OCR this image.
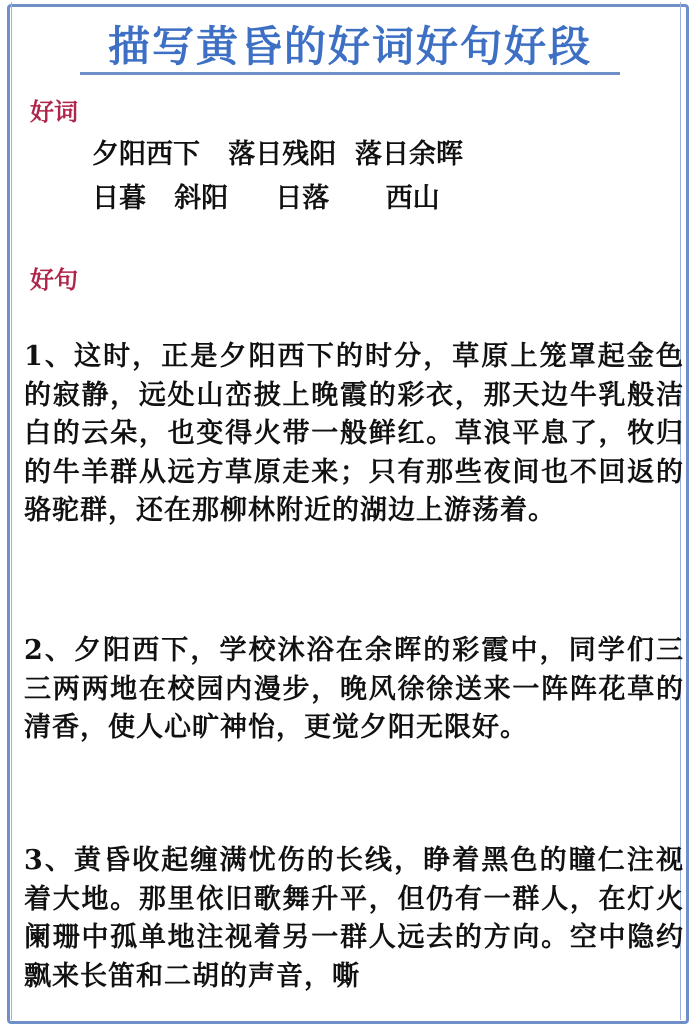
描写黄昏的好词好句好段
好词
夕阳西下   落日残阳  落日余晖
日暮   斜阳     日落      西山
好句
1、这时，正是夕阳西下的时分，草原上笼罩起金色的寂静，远处山峦披上晚霞的彩衣，那天边牛乳般洁白的云朵，也变得火带一般鲜红。草浪平息了，牧归的牛羊群从远方草原走来；只有那些夜间也不回返的骆驼群，还在那柳林附近的湖边上游荡着。
2、夕阳西下，学校沐浴在余晖的彩霞中，同学们三三两两地在校园内漫步，晚风徐徐送来一阵阵花草的清香，使人心旷神怡，更觉夕阳无限好。
3、黄昏收起缠满忧伤的长线，睁着黑色的瞳仁注视着大地。那里依旧歌舞升平，但仍有一群人，在灯火阑珊中孤单地注视着另一群人远去的方向。空中隐约飘来长笛和二胡的声音，嘶
